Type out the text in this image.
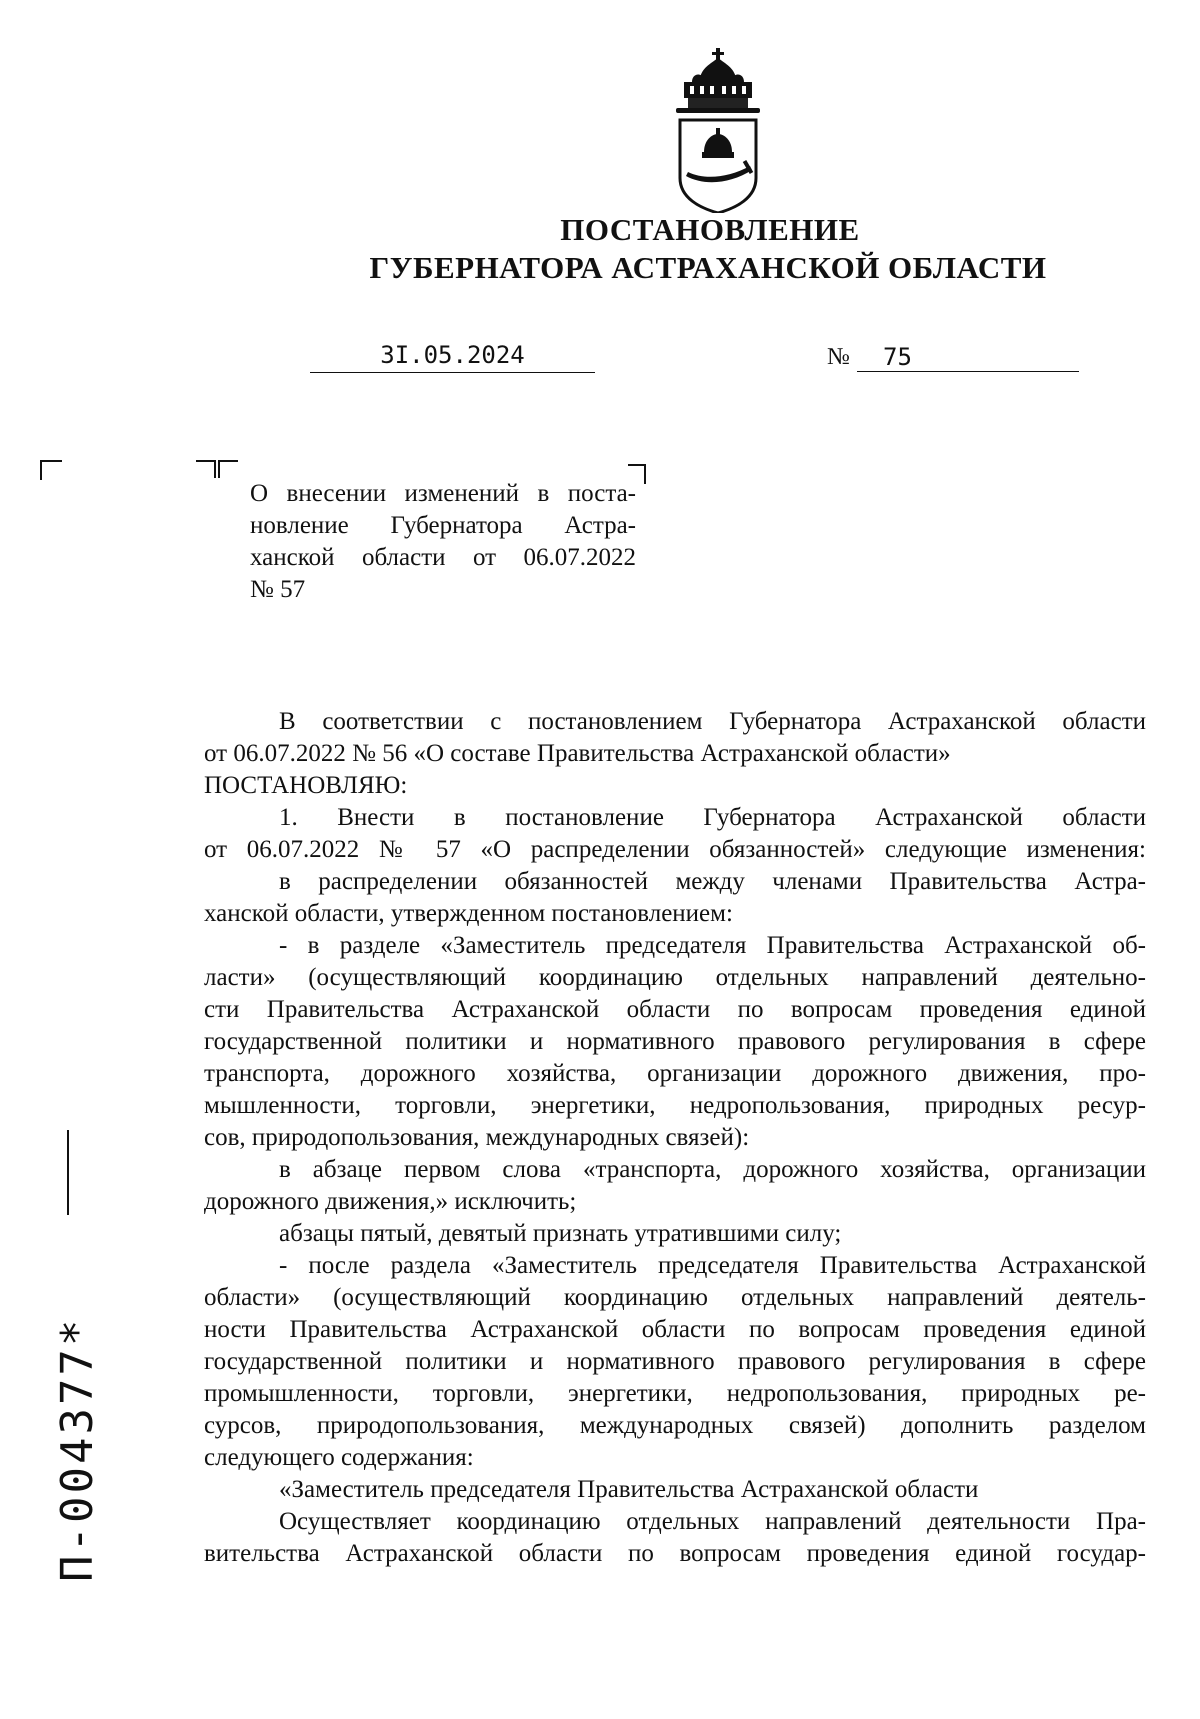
ПОСТАНОВЛЕНИЕ
ГУБЕРНАТОРА АСТРАХАНСКОЙ ОБЛАСТИ
3I.05.2024	№	75
О внесении изменений в поста-
новление Губернатора Астра-
ханской области от 06.07.2022
№ 57
В соответствии с постановлением Губернатора Астраханской области
от 06.07.2022 № 56 «О составе Правительства Астраханской области»
ПОСТАНОВЛЯЮ:
1. Внести в постановление Губернатора Астраханской области
от 06.07.2022 № 57 «О распределении обязанностей» следующие изменения:
в распределении обязанностей между членами Правительства Астра-
ханской области, утвержденном постановлением:
- в разделе «Заместитель председателя Правительства Астраханской об-
ласти» (осуществляющий координацию отдельных направлений деятельно-
сти Правительства Астраханской области по вопросам проведения единой
государственной политики и нормативного правового регулирования в сфере
транспорта, дорожного хозяйства, организации дорожного движения, про-
мышленности, торговли, энергетики, недропользования, природных ресур-
сов, природопользования, международных связей):
в абзаце первом слова «транспорта, дорожного хозяйства, организации
дорожного движения,» исключить;
абзацы пятый, девятый признать утратившими силу;
- после раздела «Заместитель председателя Правительства Астраханской
области» (осуществляющий координацию отдельных направлений деятель-
ности Правительства Астраханской области по вопросам проведения единой
государственной политики и нормативного правового регулирования в сфере
промышленности, торговли, энергетики, недропользования, природных ре-
сурсов, природопользования, международных связей) дополнить разделом
следующего содержания:
«Заместитель председателя Правительства Астраханской области
Осуществляет координацию отдельных направлений деятельности Пра-
вительства Астраханской области по вопросам проведения единой государ-
П-004377*
